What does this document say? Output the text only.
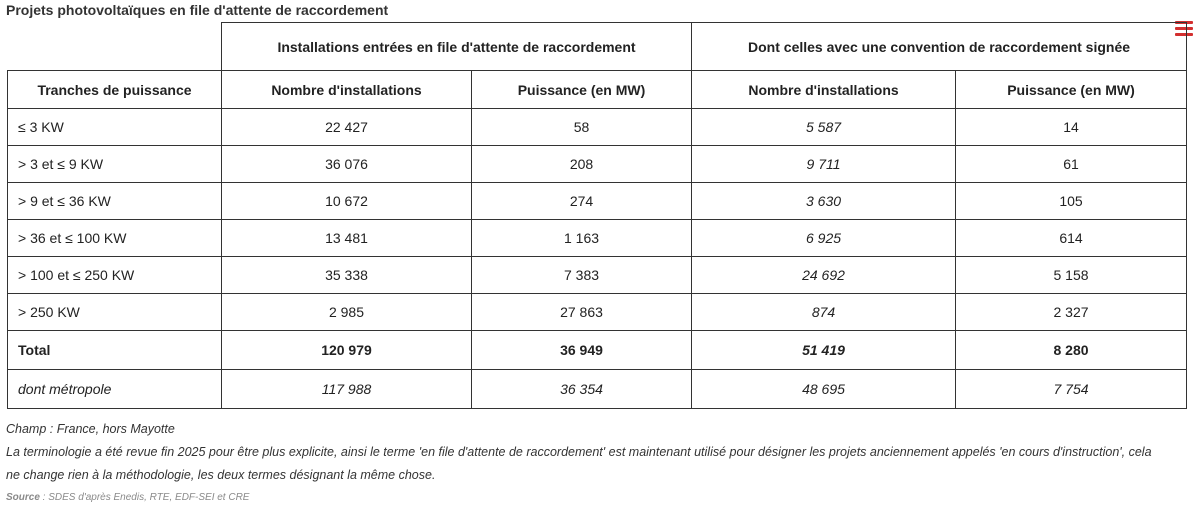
Projets photovoltaïques en file d'attente de raccordement
	Installations entrées en file d'attente de raccordement		Dont celles avec une convention de raccordement signée	
Tranches de puissance	Nombre d'installations	Puissance (en MW)	Nombre d'installations	Puissance (en MW)
≤ 3 KW	22 427	58	5 587	14
> 3 et ≤ 9 KW	36 076	208	9 711	61
> 9 et ≤ 36 KW	10 672	274	3 630	105
> 36 et ≤ 100 KW	13 481	1 163	6 925	614
> 100 et ≤ 250 KW	35 338	7 383	24 692	5 158
> 250 KW	2 985	27 863	874	2 327
Total	120 979	36 949	51 419	8 280
dont métropole	117 988	36 354	48 695	7 754
Champ : France, hors Mayotte
La terminologie a été revue fin 2025 pour être plus explicite, ainsi le terme 'en file d'attente de raccordement' est maintenant utilisé pour désigner les projets anciennement appelés 'en cours d'instruction', cela
ne change rien à la méthodologie, les deux termes désignant la même chose.
Source : SDES d'après Enedis, RTE, EDF-SEI et CRE
